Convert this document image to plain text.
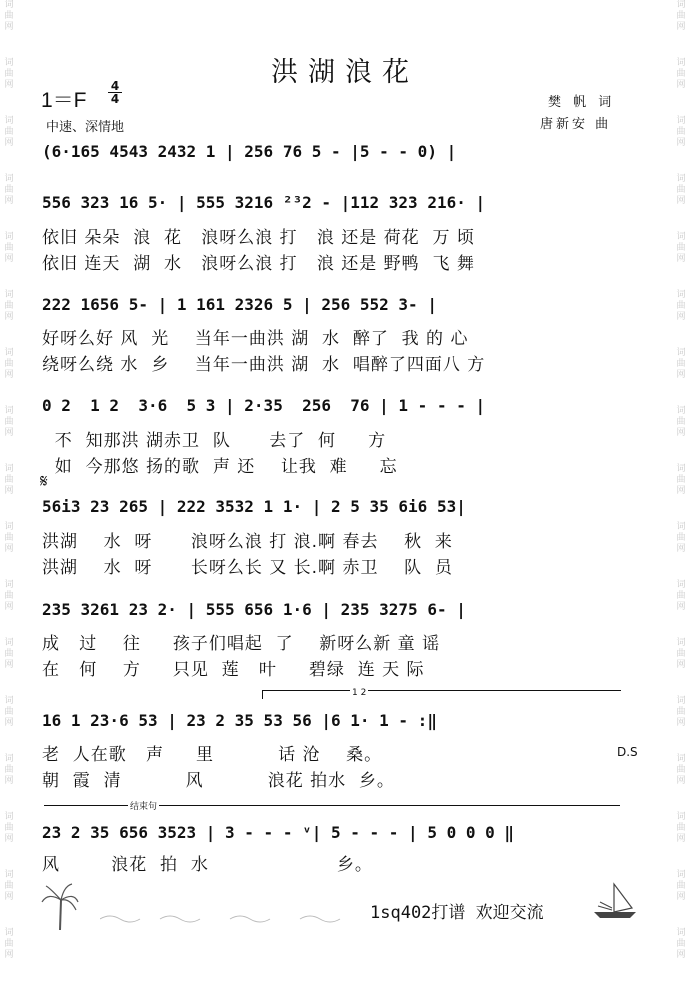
词
曲
网
词
曲
网
词
曲
网
词
曲
网
词
曲
网
词
曲
网
词
曲
网
词
曲
网
词
曲
网
词
曲
网
词
曲
网
词
曲
网
词
曲
网
词
曲
网
词
曲
网
词
曲
网
词
曲
网
词
曲
网
词
曲
网
词
曲
网
词
曲
网
词
曲
网
词
曲
网
词
曲
网
词
曲
网
词
曲
网
词
曲
网
词
曲
网
词
曲
网
词
曲
网
词
曲
网
词
曲
网
词
曲
网
词
曲
网
洪湖浪花
1＝F
4
4
中速、深情地
樊 帆 词
唐新安 曲
(6·165 4543 2432 1 | 256 76 5 - |5 - - 0) |
556 323 16 5· | 555 3216 ²³2 - |112 323 216· |
依旧 朵朵  浪  花   浪呀么浪 打   浪 还是 荷花  万 顷
依旧 连天  湖  水   浪呀么浪 打   浪 还是 野鸭  飞 舞
222 1656 5- | 1 161 2326 5 | 256 552 3- |
好呀么好 风  光    当年一曲洪 湖  水  醉了  我 的 心
绕呀么绕 水  乡    当年一曲洪 湖  水  唱醉了四面八 方
0 2  1 2  3·6  5 3 | 2·35  256  76 | 1 - - - |
不  知那洪 湖赤卫  队      去了  何     方
如  今那悠 扬的歌  声 还    让我  难     忘
𝄋
56i3 23 265 | 222 3532 1 1· | 2 5 35 6i6 53|
洪湖    水  呀      浪呀么浪 打 浪.啊 春去    秋  来
洪湖    水  呀      长呀么长 又 长.啊 赤卫    队  员
235 3261 23 2· | 555 656 1·6 | 235 3275 6- |
成   过    往     孩子们唱起  了    新呀么新 童 谣
在   何    方     只见  莲   叶     碧绿  连 天 际
1 2
16 1 23·6 53 | 23 2 35 53 56 |6 1· 1 - :‖
老  人在歌   声     里          话 沧    桑。	D.S
朝  霞  清          风          浪花 拍水  乡。
结束句
23 2 35 656 3523 | 3 - - - ᵛ| 5 - - - | 5 0 0 0 ‖
风        浪花  拍  水                    乡。
1sq402打谱 欢迎交流
